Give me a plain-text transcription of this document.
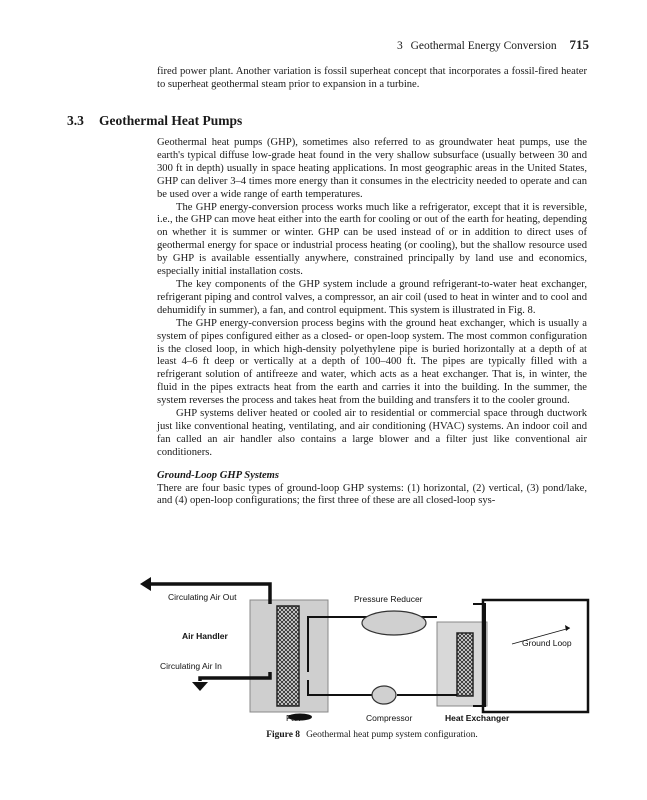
3 Geothermal Energy Conversion 715
fired power plant. Another variation is fossil superheat concept that incorporates a fossil-fired heater to superheat geothermal steam prior to expansion in a turbine.
3.3 Geothermal Heat Pumps

Geothermal heat pumps (GHP), sometimes also referred to as groundwater heat pumps, use the earth's typical diffuse low-grade heat found in the very shallow subsurface (usually between 30 and 300 ft in depth) usually in space heating applications. In most geographic areas in the United States, GHP can deliver 3–4 times more energy than it consumes in the electricity needed to operate and can be used over a wide range of earth temperatures.

The GHP energy-conversion process works much like a refrigerator, except that it is reversible, i.e., the GHP can move heat either into the earth for cooling or out of the earth for heating, depending on whether it is summer or winter. GHP can be used instead of or in addition to direct uses of geothermal energy for space or industrial process heating (or cooling), but the shallow resource used by GHP is available essentially anywhere, constrained principally by land use and economics, especially initial installation costs.

The key components of the GHP system include a ground refrigerant-to-water heat exchanger, refrigerant piping and control valves, a compressor, an air coil (used to heat in winter and to cool and dehumidify in summer), a fan, and control equipment. This system is illustrated in Fig. 8.

The GHP energy-conversion process begins with the ground heat exchanger, which is usually a system of pipes configured either as a closed- or open-loop system. The most common configuration is the closed loop, in which high-density polyethylene pipe is buried horizontally at a depth of at least 4–6 ft deep or vertically at a depth of 100–400 ft. The pipes are typically filled with a refrigerant solution of antifreeze and water, which acts as a heat exchanger. That is, in winter, the fluid in the pipes extracts heat from the earth and carries it into the building. In the summer, the system reverses the process and takes heat from the building and transfers it to the cooler ground.

GHP systems deliver heated or cooled air to residential or commercial space through ductwork just like conventional heating, ventilating, and air conditioning (HVAC) systems. An indoor coil and fan called an air handler also contains a large blower and a filter just like conventional air conditioners.

Ground-Loop GHP Systems

There are four basic types of ground-loop GHP systems: (1) horizontal, (2) vertical, (3) pond/lake, and (4) open-loop configurations; the first three of these are all closed-loop sys-

Circulating Air Out
Air Handler
Circulating Air In
Pressure Reducer
Ground Loop
Fan	Compressor	Heat Exchanger
Figure 8 Geothermal heat pump system configuration.
